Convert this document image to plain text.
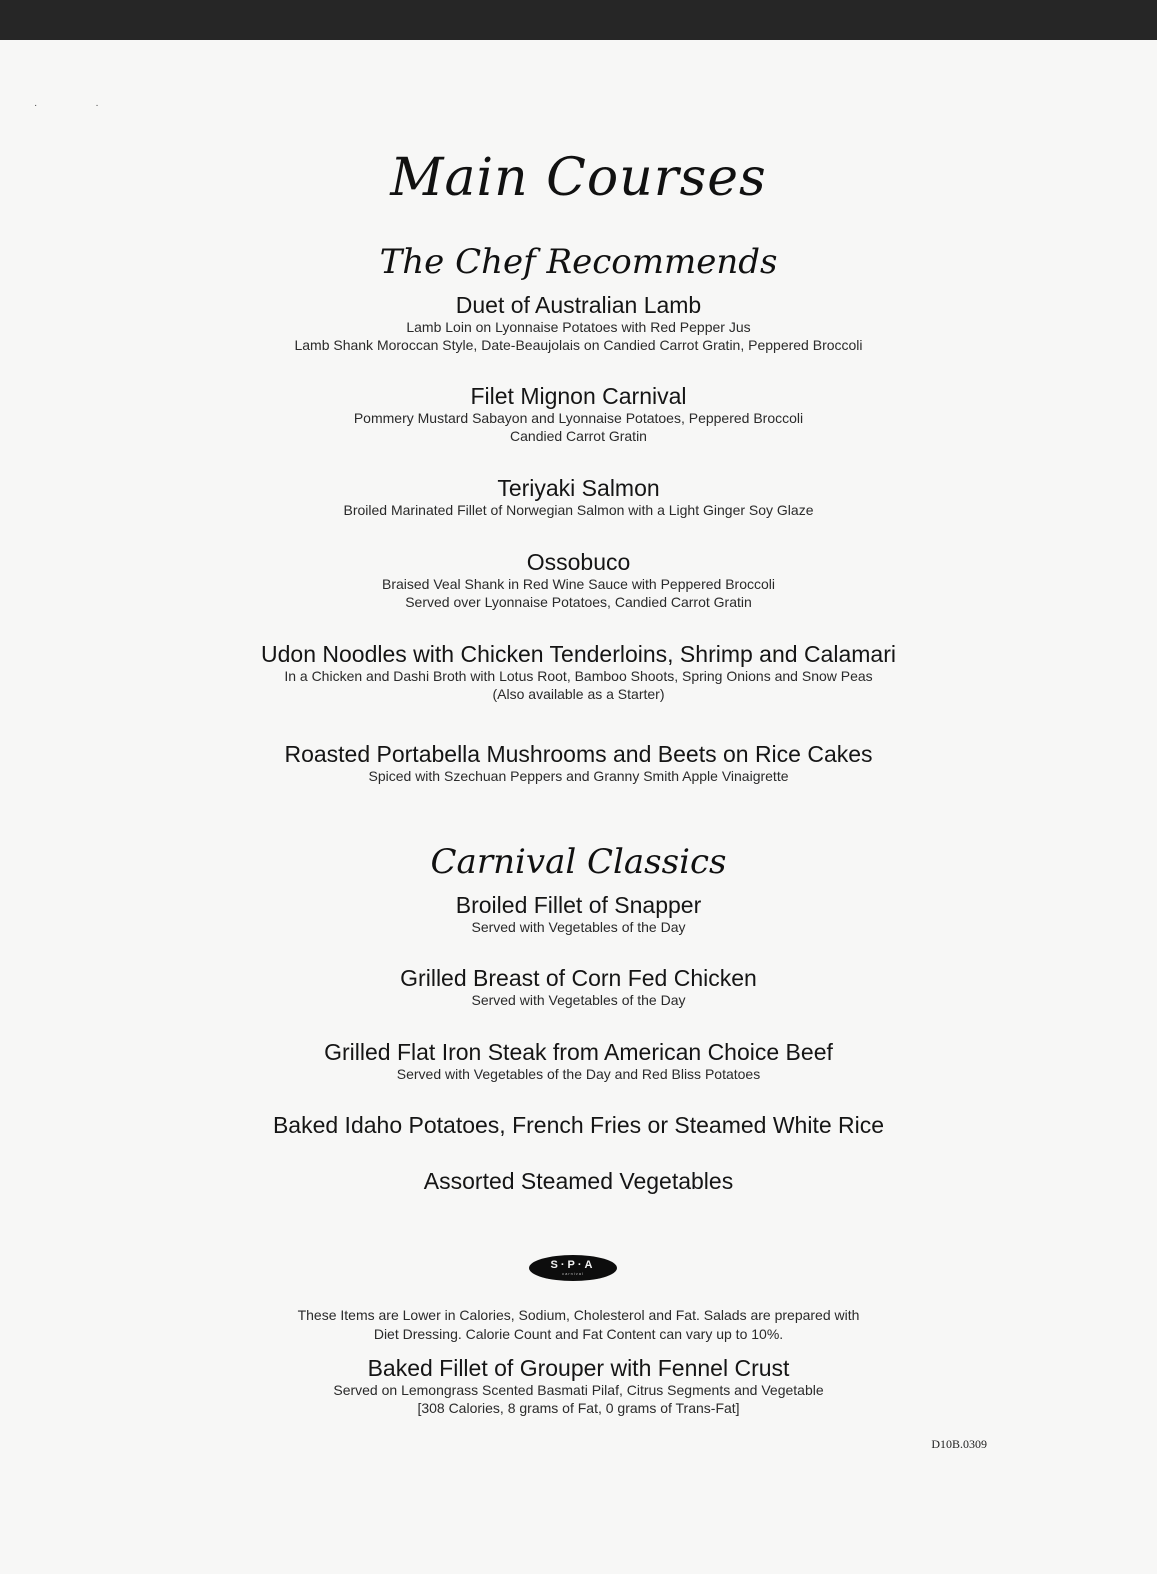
··
Main Courses
The Chef Recommends
Duet of Australian Lamb
Lamb Loin on Lyonnaise Potatoes with Red Pepper Jus
Lamb Shank Moroccan Style, Date-Beaujolais on Candied Carrot Gratin, Peppered Broccoli
Filet Mignon Carnival
Pommery Mustard Sabayon and Lyonnaise Potatoes, Peppered Broccoli
Candied Carrot Gratin
Teriyaki Salmon
Broiled Marinated Fillet of Norwegian Salmon with a Light Ginger Soy Glaze
Ossobuco
Braised Veal Shank in Red Wine Sauce with Peppered Broccoli
Served over Lyonnaise Potatoes, Candied Carrot Gratin
Udon Noodles with Chicken Tenderloins, Shrimp and Calamari
In a Chicken and Dashi Broth with Lotus Root, Bamboo Shoots, Spring Onions and Snow Peas
(Also available as a Starter)
Roasted Portabella Mushrooms and Beets on Rice Cakes
Spiced with Szechuan Peppers and Granny Smith Apple Vinaigrette
Carnival Classics
Broiled Fillet of Snapper
Served with Vegetables of the Day
Grilled Breast of Corn Fed Chicken
Served with Vegetables of the Day
Grilled Flat Iron Steak from American Choice Beef
Served with Vegetables of the Day and Red Bliss Potatoes
Baked Idaho Potatoes, French Fries or Steamed White Rice
Assorted Steamed Vegetables
S·P·A
carnival
These Items are Lower in Calories, Sodium, Cholesterol and Fat. Salads are prepared with
Diet Dressing. Calorie Count and Fat Content can vary up to 10%.
Baked Fillet of Grouper with Fennel Crust
Served on Lemongrass Scented Basmati Pilaf, Citrus Segments and Vegetable
[308 Calories, 8 grams of Fat, 0 grams of Trans-Fat]
D10B.0309
